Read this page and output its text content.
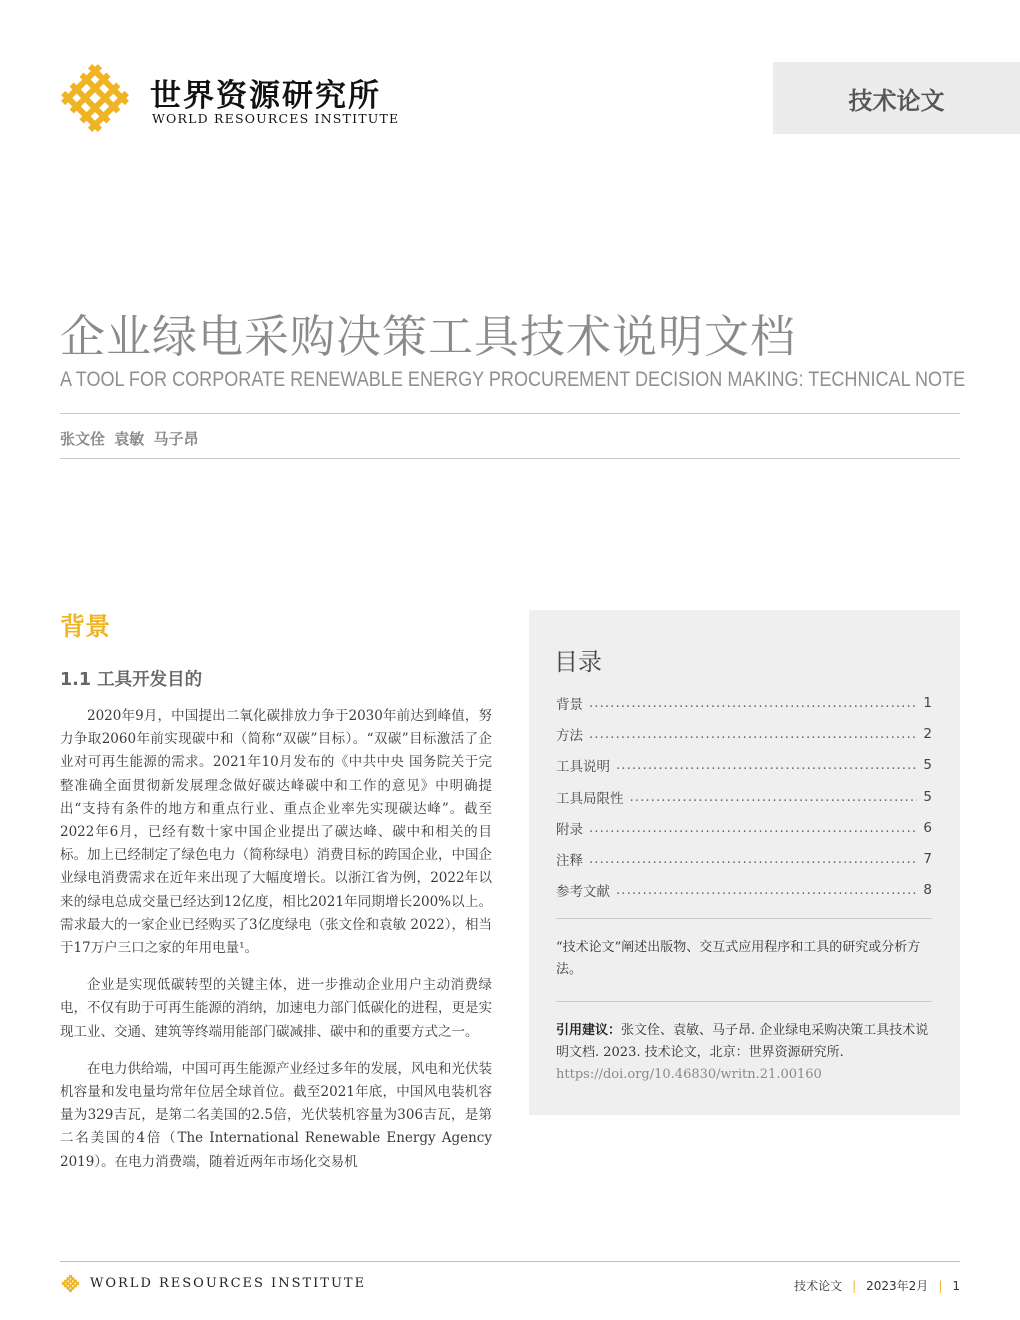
世界资源研究所
WORLD RESOURCES INSTITUTE
技术论文
企业绿电采购决策工具技术说明文档
A TOOL FOR CORPORATE RENEWABLE ENERGY PROCUREMENT DECISION MAKING: TECHNICAL NOTE
张文佺 袁敏 马子昂
背景
1.1 工具开发目的

2020年9月，中国提出二氧化碳排放力争于2030年前达到峰值，努力争取2060年前实现碳中和（简称“双碳”目标）。“双碳”目标激活了企业对可再生能源的需求。2021年10月发布的《中共中央 国务院关于完整准确全面贯彻新发展理念做好碳达峰碳中和工作的意见》中明确提出“支持有条件的地方和重点行业、重点企业率先实现碳达峰”。截至2022年6月，已经有数十家中国企业提出了碳达峰、碳中和相关的目标。加上已经制定了绿色电力（简称绿电）消费目标的跨国企业，中国企业绿电消费需求在近年来出现了大幅度增长。以浙江省为例，2022年以来的绿电总成交量已经达到12亿度，相比2021年同期增长200%以上。需求最大的一家企业已经购买了3亿度绿电（张文佺和袁敏 2022），相当于17万户三口之家的年用电量¹。

企业是实现低碳转型的关键主体，进一步推动企业用户主动消费绿电，不仅有助于可再生能源的消纳，加速电力部门低碳化的进程，更是实现工业、交通、建筑等终端用能部门碳减排、碳中和的重要方式之一。

在电力供给端，中国可再生能源产业经过多年的发展，风电和光伏装机容量和发电量均常年位居全球首位。截至2021年底，中国风电装机容量为329吉瓦，是第二名美国的2.5倍，光伏装机容量为306吉瓦，是第二名美国的4倍（The International Renewable Energy Agency 2019）。在电力消费端，随着近两年市场化交易机

目录
背景 .....	1
方法 .....	2
工具说明 .....	5
工具局限性 .....	5
附录 .....	6
注释 .....	7
参考文献 .....	8
“技术论文”阐述出版物、交互式应用程序和工具的研究或分析方法。
引用建议：张文佺、袁敏、马子昂. 企业绿电采购决策工具技术说明文档. 2023. 技术论文，北京：世界资源研究所.
https://doi.org/10.46830/writn.21.00160
WORLD RESOURCES INSTITUTE	技术论文 | 2023年2月 | 1
